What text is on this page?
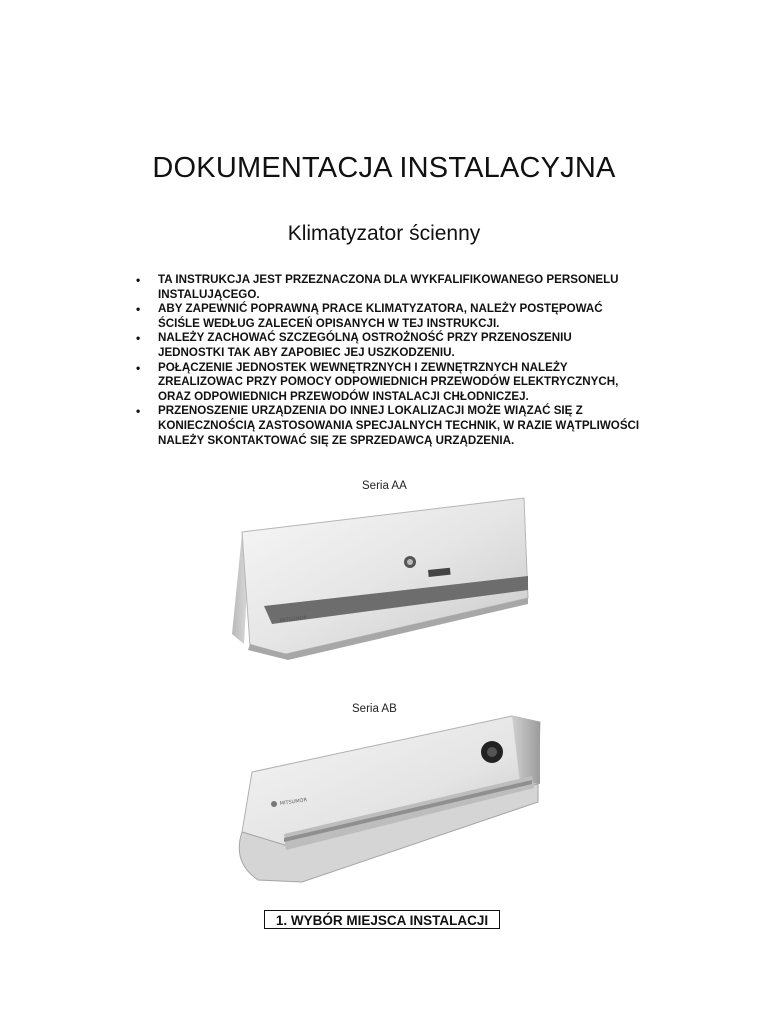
DOKUMENTACJA INSTALACYJNA
Klimatyzator ścienny
• TA INSTRUKCJA JEST PRZEZNACZONA DLA WYKFALIFIKOWANEGO PERSONELU
INSTALUJĄCEGO.
• ABY ZAPEWNIĆ POPRAWNĄ PRACE KLIMATYZATORA, NALEŻY POSTĘPOWAĆ
ŚCIŚLE WEDŁUG ZALECEŃ OPISANYCH W TEJ INSTRUKCJI.
• NALEŻY ZACHOWAĆ SZCZEGÓLNĄ OSTROŻNOŚĆ PRZY PRZENOSZENIU
JEDNOSTKI TAK ABY ZAPOBIEC JEJ USZKODZENIU.
• POŁĄCZENIE JEDNOSTEK WEWNĘTRZNYCH I ZEWNĘTRZNYCH NALEŻY
ZREALIZOWAC PRZY POMOCY ODPOWIEDNICH PRZEWODÓW ELEKTRYCZNYCH,
ORAZ ODPOWIEDNICH PRZEWODÓW INSTALACJI CHŁODNICZEJ.
• PRZENOSZENIE URZĄDZENIA DO INNEJ LOKALIZACJI MOŻE WIĄZAĆ SIĘ Z
KONIECZNOŚCIĄ ZASTOSOWANIA SPECJALNYCH TECHNIK, W RAZIE WĄTPLIWOŚCI
NALEŻY SKONTAKTOWAĆ SIĘ ZE SPRZEDAWCĄ URZĄDZENIA.
Seria AA
MITSUMOR
Seria AB
MITSUMOR
1. WYBÓR MIEJSCA INSTALACJI
